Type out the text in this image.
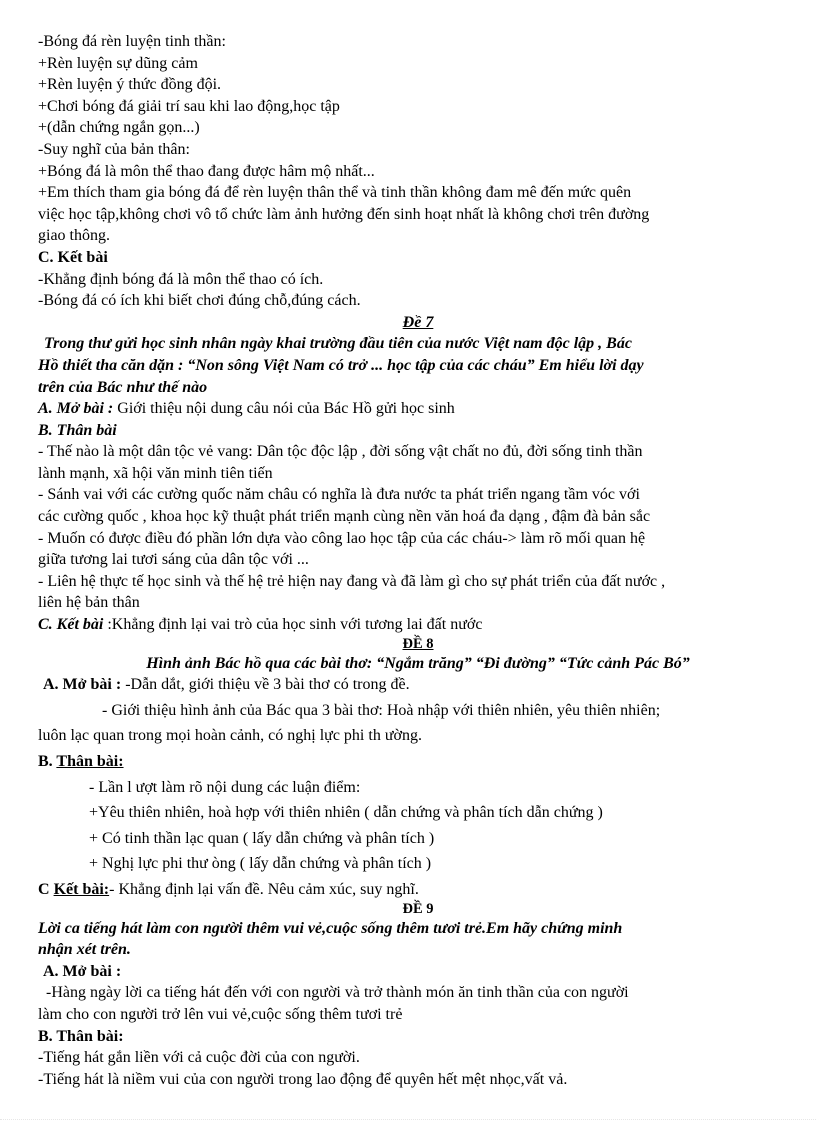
-Bóng đá rèn luyện tinh thần:

+Rèn luyện sự dũng cảm

+Rèn luyện ý thức đồng đội.

+Chơi bóng đá giải trí sau khi lao động,học tập

+(dẫn chứng ngắn gọn...)

-Suy nghĩ của bản thân:

+Bóng đá là môn thể thao đang được hâm mộ nhất...

+Em thích tham gia bóng đá để rèn luyện thân thể và tinh thần không đam mê đến mức quên

việc học tập,không chơi vô tổ chức làm ảnh hưởng đến sinh hoạt nhất là không chơi trên đường

giao thông.

C. Kết bài

-Khẳng định bóng đá là môn thể thao có ích.

-Bóng đá có ích khi biết chơi đúng chỗ,đúng cách.

Đề 7

Trong thư gửi học sinh nhân ngày khai trường đầu tiên của nước Việt nam độc lập , Bác

Hồ thiết tha căn dặn : “Non sông Việt Nam có trở ... học tập của các cháu” Em hiểu lời dạy

trên của Bác như thế nào

A. Mở bài : Giới thiệu nội dung câu nói của Bác Hồ gửi học sinh

B. Thân bài

- Thế nào là một dân tộc vẻ vang: Dân tộc độc lập , đời sống vật chất no đủ, đời sống tinh thần

lành mạnh, xã hội văn minh tiên tiến

- Sánh vai với các cường quốc năm châu có nghĩa là đưa nước ta phát triển ngang tầm vóc với

các cường quốc , khoa học kỹ thuật phát triển mạnh cùng nền văn hoá đa dạng , đậm đà bản sắc

- Muốn có được điều đó phần lớn dựa vào công lao học tập của các cháu-> làm rõ mối quan hệ

giữa tương lai tươi sáng của dân tộc với ...

- Liên hệ thực tế học sinh và thế hệ trẻ hiện nay đang và đã làm gì cho sự phát triển của đất nước ,

liên hệ bản thân

C. Kết bài :Khẳng định lại vai trò của học sinh với tương lai đất nước

ĐỀ 8

Hình ảnh Bác hồ qua các bài thơ: “Ngắm trăng” “Đi đường” “Tức cảnh Pác Bó”

A. Mở bài : -Dẫn dắt, giới thiệu về 3 bài thơ có trong đề.

- Giới thiệu hình ảnh của Bác qua 3 bài thơ: Hoà nhập với thiên nhiên, yêu thiên nhiên;

luôn lạc quan trong mọi hoàn cảnh, có nghị lực phi th ường.

B. Thân bài:

- Lần l ượt làm rõ nội dung các luận điểm:

+Yêu thiên nhiên, hoà hợp với thiên nhiên ( dẫn chứng và phân tích dẫn chứng )

+ Có tinh thần lạc quan ( lấy dẫn chứng và phân tích )

+ Nghị lực phi thư òng ( lấy dẫn chứng và phân tích )

C Kết bài:- Khẳng định lại vấn đề. Nêu cảm xúc, suy nghĩ.

ĐỀ 9

Lời ca tiếng hát làm con người thêm vui vẻ,cuộc sống thêm tươi trẻ.Em hãy chứng minh

nhận xét trên.

A. Mở bài :

-Hàng ngày lời ca tiếng hát đến với con người và trở thành món ăn tinh thần của con người

làm cho con người trở lên vui vẻ,cuộc sống thêm tươi trẻ

B. Thân bài:

-Tiếng hát gắn liền với cả cuộc đời của con người.

-Tiếng hát là niềm vui của con người trong lao động để quyên hết mệt nhọc,vất vả.
